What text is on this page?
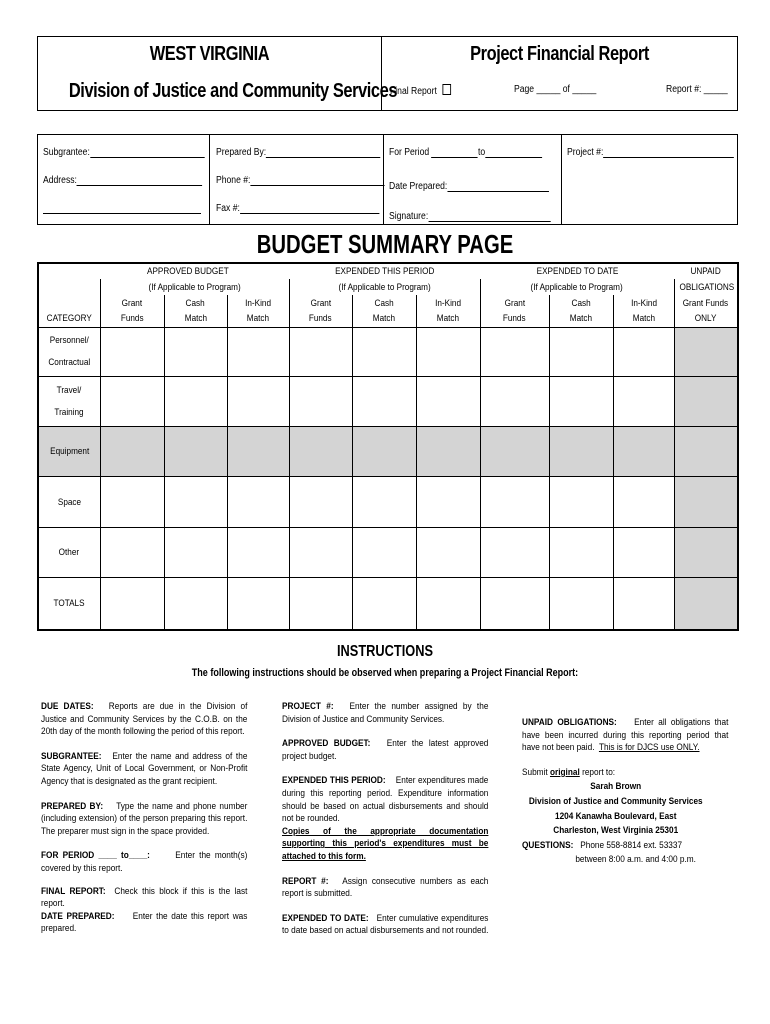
WEST VIRGINIA
Division of Justice and Community Services
Project Financial Report
Final Report	Page _____ of _____	Report #: _____
Subgrantee:
Address:
Prepared By:
Phone #:
Fax #:
For Period	to
Date Prepared:
Signature:
Project #:
BUDGET SUMMARY PAGE
	APPROVED BUDGET			EXPENDED THIS PERIOD			EXPENDED TO DATE			UNPAID
	(If Applicable to Program)			(If Applicable to Program)			(If Applicable to Program)			OBLIGATIONS
	Grant	Cash	In-Kind	Grant	Cash	In-Kind	Grant	Cash	In-Kind	Grant Funds
CATEGORY	Funds	Match	Match	Funds	Match	Match	Funds	Match	Match	ONLY
Personnel/

Contractual										
Travel/

Training										
Equipment										
Space										
Other										
TOTALS										
INSTRUCTIONS
The following instructions should be observed when preparing a Project Financial Report:

DUE DATES: Reports are due in the Division of Justice and Community Services by the C.O.B. on the 20th day of the month following the period of this report.

SUBGRANTEE: Enter the name and address of the State Agency, Unit of Local Government, or Non-Profit Agency that is designated as the grant recipient.

PREPARED BY: Type the name and phone number (including extension) of the person preparing this report. The preparer must sign in the space provided.

FOR PERIOD ____ to____:	Enter the month(s) covered by this report.

FINAL REPORT: Check this block if this is the last report.
DATE PREPARED: Enter the date this report was prepared.

PROJECT #: Enter the number assigned by the Division of Justice and Community Services.

APPROVED BUDGET: Enter the latest approved project budget.

EXPENDED THIS PERIOD: Enter expenditures made during this reporting period. Expenditure information should be based on actual disbursements and should not be rounded.
Copies of the appropriate documentation supporting this period's expenditures must be attached to this form.

REPORT #: Assign consecutive numbers as each report is submitted.

EXPENDED TO DATE: Enter cumulative expenditures to date based on actual disbursements and not rounded.

UNPAID OBLIGATIONS: Enter all obligations that have been incurred during this reporting period that have not been paid. This is for DJCS use ONLY.

Submit original report to:
Sarah Brown
Division of Justice and Community Services
1204 Kanawha Boulevard, East
Charleston, West Virginia 25301
QUESTIONS: Phone 558-8814 ext. 53337
between 8:00 a.m. and 4:00 p.m.
